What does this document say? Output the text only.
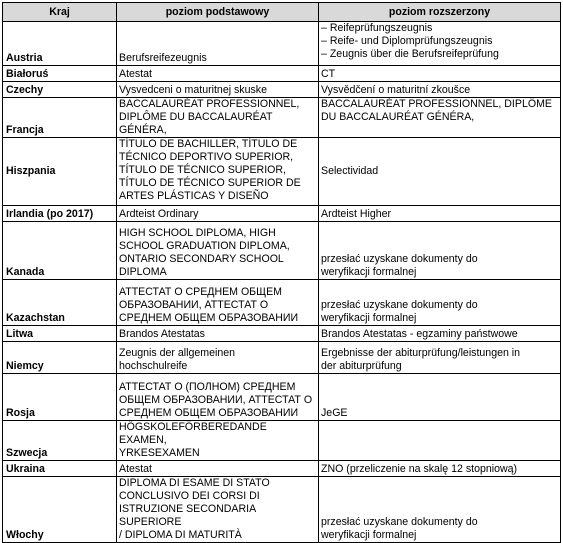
Kraj	poziom podstawowy	poziom rozszerzony
Austria	Berufsreifezeugnis	– Reifeprüfungszeugnis
– Reife- und Diplomprüfungszeugnis
– Zeugnis über die Berufsreifeprüfung
Białoruś	Atestat	CT
Czechy	Vysvedceni o maturitnej skuske	Vysvědčení o maturitní zkoušce
Francja	BACCALAURÉAT PROFESSIONNEL,
DIPLÔME DU BACCALAURÉAT GÉNÉRA,	BACCALAURÉAT PROFESSIONNEL, DIPLÔME
DU BACCALAURÉAT GÉNÉRA,
Hiszpania	TÍTULO DE BACHILLER, TÍTULO DE
TÉCNICO DEPORTIVO SUPERIOR,
TÍTULO DE TÉCNICO SUPERIOR,
TÍTULO DE TÉCNICO SUPERIOR DE
ARTES PLÁSTICAS Y DISEÑO	Selectividad
Irlandia (po 2017)	Ardteist Ordinary	Ardteist Higher
Kanada	HIGH SCHOOL DIPLOMA, HIGH
SCHOOL GRADUATION DIPLOMA,
ONTARIO SECONDARY SCHOOL
DIPLOMA	przesłać uzyskane dokumenty do
weryfikacji formalnej
Kazachstan	АТТЕСТАТ О СРЕДНЕМ ОБЩЕМ
ОБРАЗОВАНИИ, АТТЕСТАТ О
СРЕДНЕМ ОБЩЕМ ОБРАЗОВАНИИ	przesłać uzyskane dokumenty do
weryfikacji formalnej
Litwa	Brandos Atestatas	Brandos Atestatas - egzaminy państwowe
Niemcy	Zeugnis der allgemeinen
hochschulreife	Ergebnisse der abiturprüfung/leistungen in
der abiturprüfung
Rosja	АТТЕСТАТ О (ПОЛНОМ) СРЕДНЕМ
ОБЩЕМ ОБРАЗОВАНИИ, АТТЕСТАТ О
СРЕДНЕМ ОБЩЕМ ОБРАЗОВАНИИ	JeGE
Szwecja	HÖGSKOLEFÖRBEREDANDE EXAMEN,
YRKESEXAMEN	
Ukraina	Atestat	ZNO (przeliczenie na skalę 12 stopniową)
Włochy	DIPLOMA DI ESAME DI STATO
CONCLUSIVO DEI CORSI DI
ISTRUZIONE SECONDARIA SUPERIORE
/ DIPLOMA DI MATURITÀ	przesłać uzyskane dokumenty do
weryfikacji formalnej
